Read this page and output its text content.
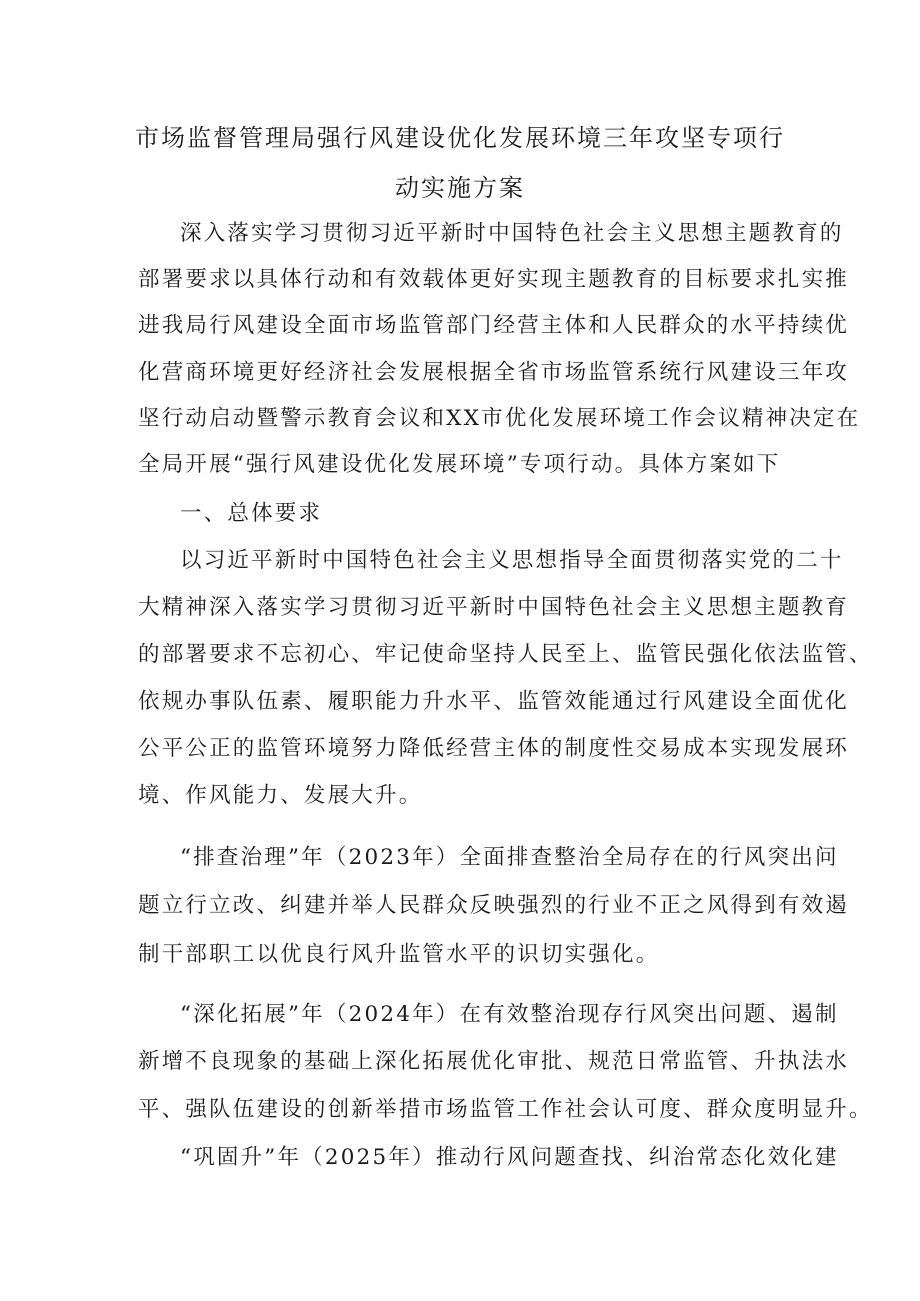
市场监督管理局强行风建设优化发展环境三年攻坚专项行
动实施方案
深入落实学习贯彻习近平新时中国特色社会主义思想主题教育的
部署要求以具体行动和有效载体更好实现主题教育的目标要求扎实推
进我局行风建设全面市场监管部门经营主体和人民群众的水平持续优
化营商环境更好经济社会发展根据全省市场监管系统行风建设三年攻
坚行动启动暨警示教育会议和XX市优化发展环境工作会议精神决定在
全局开展“强行风建设优化发展环境”专项行动。具体方案如下
一、总体要求
以习近平新时中国特色社会主义思想指导全面贯彻落实党的二十
大精神深入落实学习贯彻习近平新时中国特色社会主义思想主题教育
的部署要求不忘初心、牢记使命坚持人民至上、监管民强化依法监管、
依规办事队伍素、履职能力升水平、监管效能通过行风建设全面优化
公平公正的监管环境努力降低经营主体的制度性交易成本实现发展环
境、作风能力、发展大升。
“排查治理”年（2023年）全面排查整治全局存在的行风突出问
题立行立改、纠建并举人民群众反映强烈的行业不正之风得到有效遏
制干部职工以优良行风升监管水平的识切实强化。
“深化拓展”年（2024年）在有效整治现存行风突出问题、遏制
新增不良现象的基础上深化拓展优化审批、规范日常监管、升执法水
平、强队伍建设的创新举措市场监管工作社会认可度、群众度明显升。
“巩固升”年（2025年）推动行风问题查找、纠治常态化效化建
